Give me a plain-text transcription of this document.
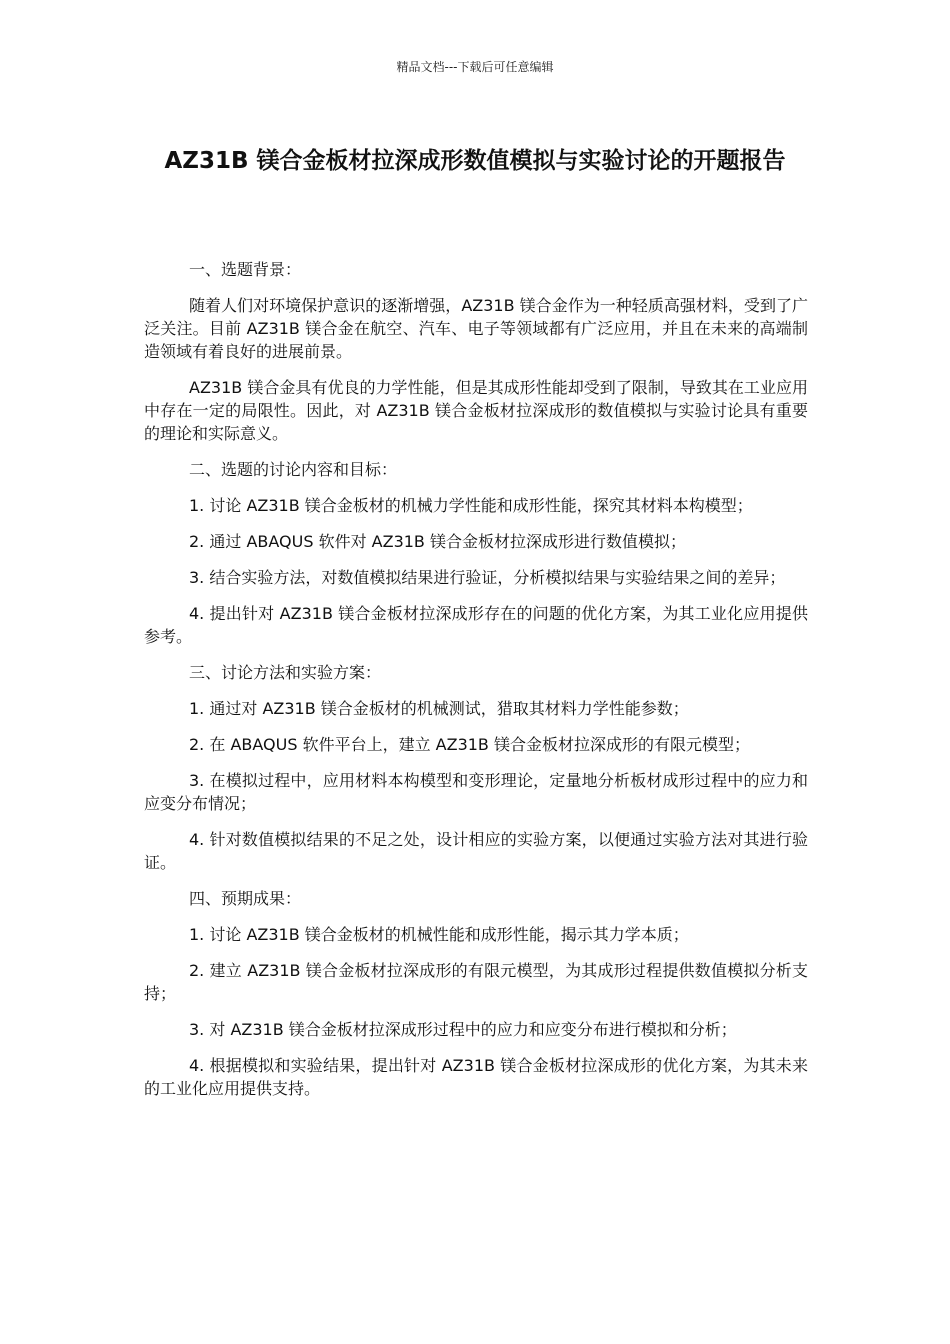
精品文档---下载后可任意编辑
AZ31B 镁合金板材拉深成形数值模拟与实验讨论的开题报告

一、选题背景：

随着人们对环境保护意识的逐渐增强，AZ31B 镁合金作为一种轻质高强材料，受到了广泛关注。目前 AZ31B 镁合金在航空、汽车、电子等领域都有广泛应用，并且在未来的高端制造领域有着良好的进展前景。

AZ31B 镁合金具有优良的力学性能，但是其成形性能却受到了限制，导致其在工业应用中存在一定的局限性。因此，对 AZ31B 镁合金板材拉深成形的数值模拟与实验讨论具有重要的理论和实际意义。

二、选题的讨论内容和目标：

1. 讨论 AZ31B 镁合金板材的机械力学性能和成形性能，探究其材料本构模型；

2. 通过 ABAQUS 软件对 AZ31B 镁合金板材拉深成形进行数值模拟；

3. 结合实验方法，对数值模拟结果进行验证，分析模拟结果与实验结果之间的差异；

4. 提出针对 AZ31B 镁合金板材拉深成形存在的问题的优化方案，为其工业化应用提供参考。

三、讨论方法和实验方案：

1. 通过对 AZ31B 镁合金板材的机械测试，猎取其材料力学性能参数；

2. 在 ABAQUS 软件平台上，建立 AZ31B 镁合金板材拉深成形的有限元模型；

3. 在模拟过程中，应用材料本构模型和变形理论，定量地分析板材成形过程中的应力和应变分布情况；

4. 针对数值模拟结果的不足之处，设计相应的实验方案，以便通过实验方法对其进行验证。

四、预期成果：

1. 讨论 AZ31B 镁合金板材的机械性能和成形性能，揭示其力学本质；

2. 建立 AZ31B 镁合金板材拉深成形的有限元模型，为其成形过程提供数值模拟分析支持；

3. 对 AZ31B 镁合金板材拉深成形过程中的应力和应变分布进行模拟和分析；

4. 根据模拟和实验结果，提出针对 AZ31B 镁合金板材拉深成形的优化方案，为其未来的工业化应用提供支持。
